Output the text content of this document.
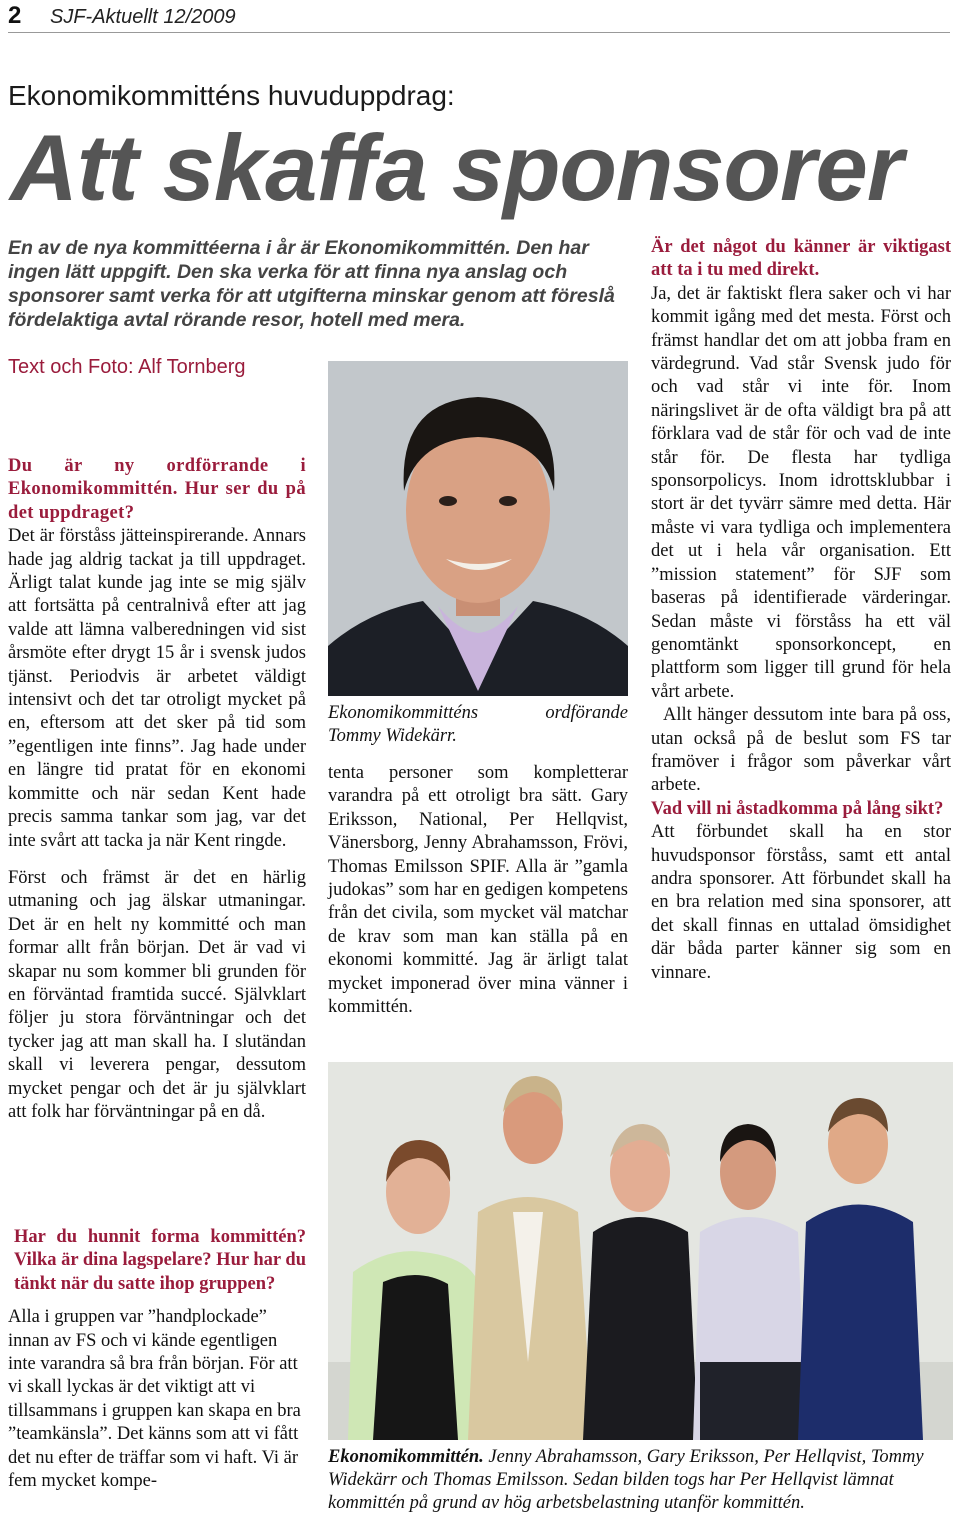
2 SJF-Aktuellt 12/2009
Ekonomikommitténs huvuduppdrag:
Att skaffa sponsorer
En av de nya kommittéerna i år är Ekonomikommittén. Den har ingen lätt uppgift. Den ska verka för att finna nya anslag och sponsorer samt verka för att utgifterna minskar genom att föreslå fördelaktiga avtal rörande resor, hotell med mera.
Text och Foto: Alf Tornberg
Ekonomikommitténs ordförande
Tommy Widekärr.

Du är ny ordförrande i Ekonomikommittén. Hur ser du på det uppdraget?

Det är förståss jätteinspirerande. Annars hade jag aldrig tackat ja till uppdraget. Ärligt talat kunde jag inte se mig själv att fortsätta på centralnivå efter att jag valde att lämna valberedningen vid sist årsmöte efter drygt 15 år i svensk judos tjänst. Periodvis är arbetet väldigt intensivt och det tar otroligt mycket på en, eftersom att det sker på tid som ”egentligen inte finns”. Jag hade under en längre tid pratat för en ekonomi kommitte och när sedan Kent hade precis samma tankar som jag, var det inte svårt att tacka ja när Kent ringde.

Först och främst är det en härlig utmaning och jag älskar utmaningar. Det är en helt ny kommitté och man formar allt från början. Det är vad vi skapar nu som kommer bli grunden för en förväntad framtida succé. Självklart följer ju stora förväntningar och det tycker jag att man skall ha. I slutändan skall vi leverera pengar, dessutom mycket pengar och det är ju självklart att folk har förväntningar på en då.

Har du hunnit forma kommittén? Vilka är dina lagspelare? Hur har du tänkt när du satte ihop gruppen?

Alla i gruppen var ”handplockade” innan av FS och vi kände egentligen inte varandra så bra från början. För att vi skall lyckas är det viktigt att vi tillsammans i gruppen kan skapa en bra ”teamkänsla”. Det känns som att vi fått det nu efter de träffar som vi haft. Vi är fem mycket kompe-

tenta personer som kompletterar varandra på ett otroligt bra sätt. Gary Eriksson, National, Per Hellqvist, Vänersborg, Jenny Abrahamsson, Frövi, Thomas Emilsson SPIF. Alla är ”gamla judokas” som har en gedigen kompetens från det civila, som mycket väl matchar de krav som man kan ställa på en ekonomi kommitté. Jag är ärligt talat mycket imponerad över mina vänner i kommittén.

Är det något du känner är viktigast att ta i tu med direkt.

Ja, det är faktiskt flera saker och vi har kommit igång med det mesta. Först och främst handlar det om att jobba fram en värdegrund. Vad står Svensk judo för och vad står vi inte för. Inom näringslivet är de ofta väldigt bra på att förklara vad de står för och vad de inte står för. De flesta har tydliga sponsorpolicys. Inom idrottsklubbar i stort är det tyvärr sämre med detta. Här måste vi vara tydliga och implementera det ut i hela vår organisation. Ett ”mission statement” för SJF som baseras på identifierade värderingar. Sedan måste vi förståss ha ett väl genomtänkt sponsorkoncept, en plattform som ligger till grund för hela vårt arbete.

Allt hänger dessutom inte bara på oss, utan också på de beslut som FS tar framöver i frågor som påverkar vårt arbete.

Vad vill ni åstadkomma på lång sikt?

Att förbundet skall ha en stor huvudsponsor förståss, samt ett antal andra sponsorer. Att förbundet skall ha en bra relation med sina sponsorer, att det skall finnas en uttalad ömsidighet där båda parter känner sig som en vinnare.

Ekonomikommittén. Jenny Abrahamsson, Gary Eriksson, Per Hellqvist, Tommy Widekärr och Thomas Emilsson. Sedan bilden togs har Per Hellqvist lämnat kommittén på grund av hög arbetsbelastning utanför kommittén.
